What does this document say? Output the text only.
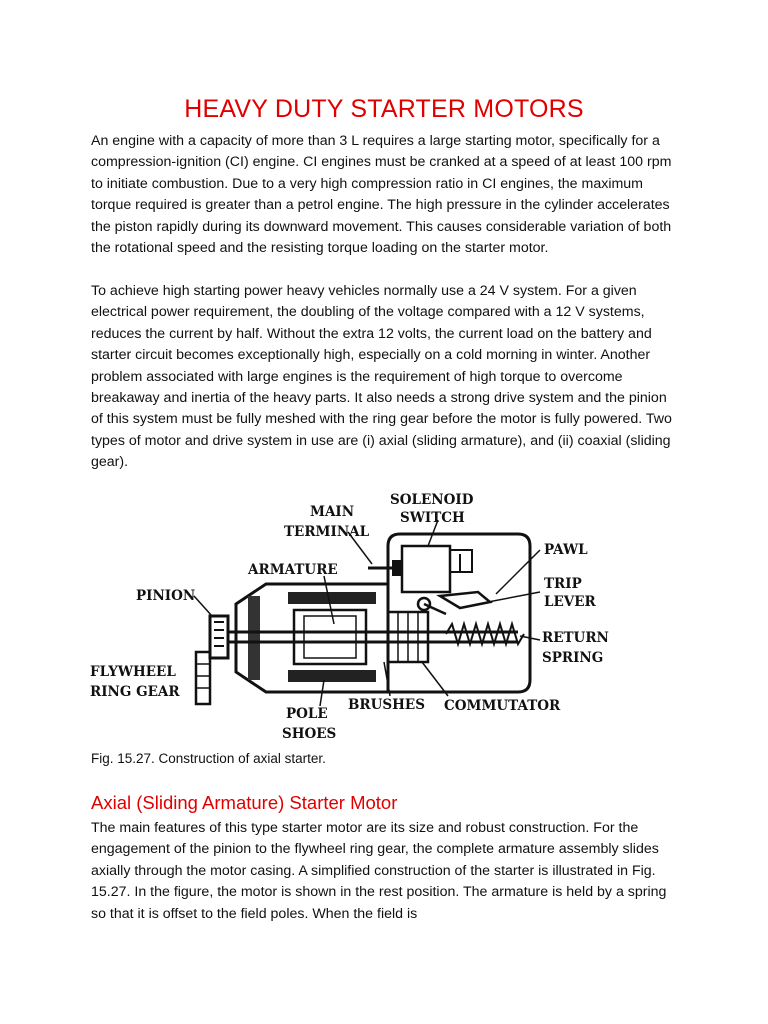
HEAVY DUTY STARTER MOTORS

An engine with a capacity of more than 3 L requires a large starting motor, specifically for a compression-ignition (CI) engine. CI engines must be cranked at a speed of at least 100 rpm to initiate combustion. Due to a very high compression ratio in CI engines, the maximum torque required is greater than a petrol engine. The high pressure in the cylinder accelerates the piston rapidly during its downward movement. This causes considerable variation of both the rotational speed and the resisting torque loading on the starter motor.

To achieve high starting power heavy vehicles normally use a 24 V system. For a given electrical power requirement, the doubling of the voltage compared with a 12 V systems, reduces the current by half. Without the extra 12 volts, the current load on the battery and starter circuit becomes exceptionally high, especially on a cold morning in winter. Another problem associated with large engines is the requirement of high torque to overcome breakaway and inertia of the heavy parts. It also needs a strong drive system and the pinion of this system must be fully meshed with the ring gear before the motor is fully powered. Two types of motor and drive system in use are (i) axial (sliding armature), and (ii) coaxial (sliding gear).

SOLENOID
SWITCH
MAIN
TERMINAL
PAWL
ARMATURE
TRIP
LEVER
PINION
RETURN
SPRING
FLYWHEEL
RING GEAR
BRUSHES COMMUTATOR
POLE
SHOES
Fig. 15.27. Construction of axial starter.
Axial (Sliding Armature) Starter Motor

The main features of this type starter motor are its size and robust construction. For the engagement of the pinion to the flywheel ring gear, the complete armature assembly slides axially through the motor casing. A simplified construction of the starter is illustrated in Fig. 15.27. In the figure, the motor is shown in the rest position. The armature is held by a spring so that it is offset to the field poles. When the field is
